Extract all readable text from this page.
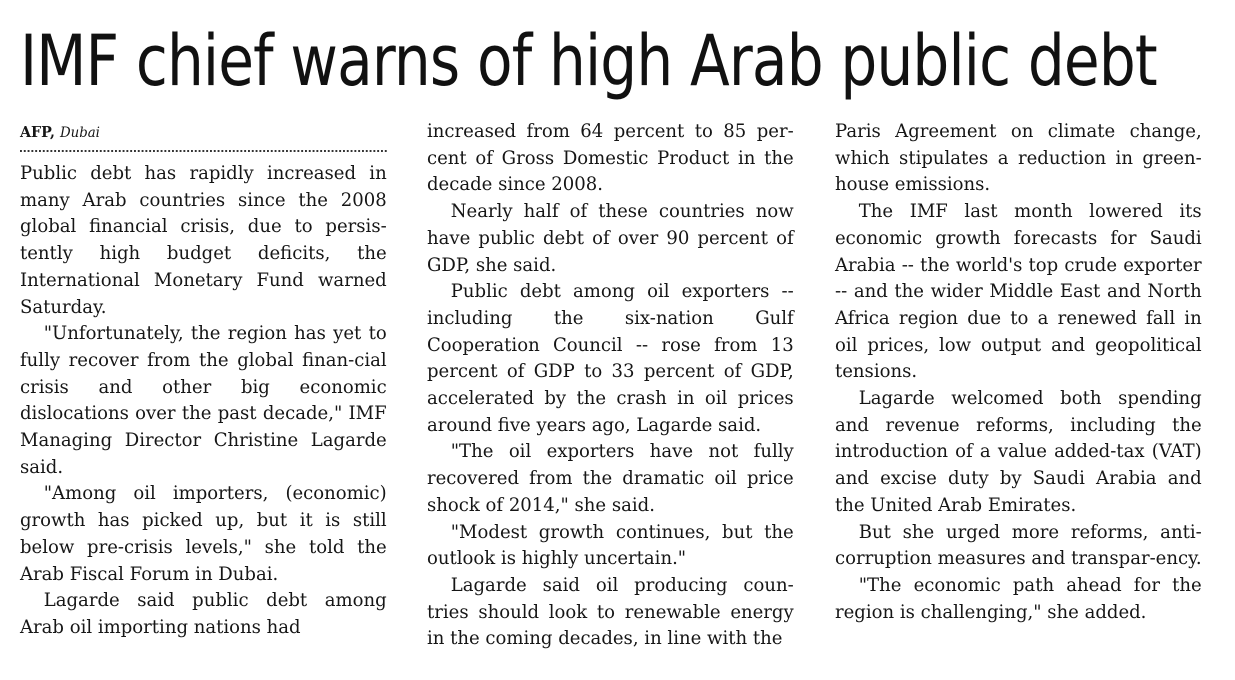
IMF chief warns of high Arab public debt
AFP, Dubai

Public debt has rapidly increased in many Arab countries since the 2008 global financial crisis, due to persis-tently high budget deficits, the International Monetary Fund warned Saturday.

"Unfortunately, the region has yet to fully recover from the global finan-cial crisis and other big economic dislocations over the past decade," IMF Managing Director Christine Lagarde said.

"Among oil importers, (economic) growth has picked up, but it is still below pre-crisis levels," she told the Arab Fiscal Forum in Dubai.

Lagarde said public debt among Arab oil importing nations had

increased from 64 percent to 85 per-cent of Gross Domestic Product in the decade since 2008.

Nearly half of these countries now have public debt of over 90 percent of GDP, she said.

Public debt among oil exporters -- including the six-nation Gulf Cooperation Council -- rose from 13 percent of GDP to 33 percent of GDP, accelerated by the crash in oil prices around five years ago, Lagarde said.

"The oil exporters have not fully recovered from the dramatic oil price shock of 2014," she said.

"Modest growth continues, but the outlook is highly uncertain."

Lagarde said oil producing coun-tries should look to renewable energy in the coming decades, in line with the

Paris Agreement on climate change, which stipulates a reduction in green-house emissions.

The IMF last month lowered its economic growth forecasts for Saudi Arabia -- the world's top crude exporter -- and the wider Middle East and North Africa region due to a renewed fall in oil prices, low output and geopolitical tensions.

Lagarde welcomed both spending and revenue reforms, including the introduction of a value added-tax (VAT) and excise duty by Saudi Arabia and the United Arab Emirates.

But she urged more reforms, anti-corruption measures and transpar-ency.

"The economic path ahead for the region is challenging," she added.
